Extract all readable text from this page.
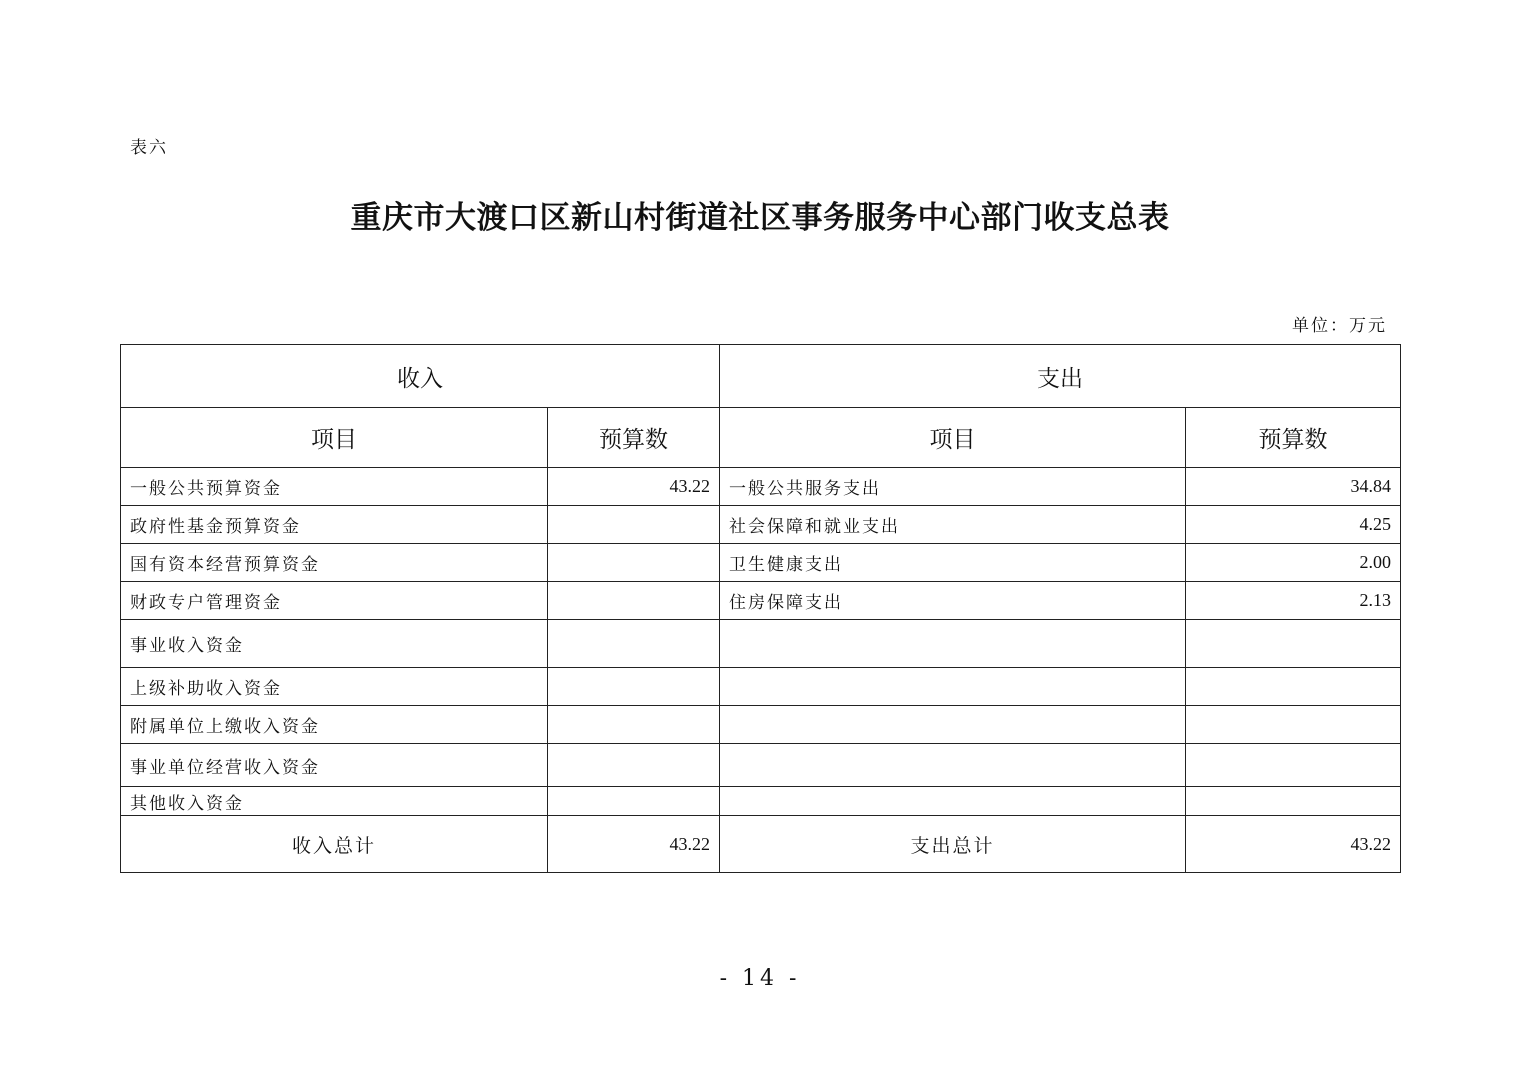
表六
重庆市大渡口区新山村街道社区事务服务中心部门收支总表
单位：万元
收入		支出	
项目	预算数	项目	预算数
一般公共预算资金	43.22	一般公共服务支出	34.84
政府性基金预算资金		社会保障和就业支出	4.25
国有资本经营预算资金		卫生健康支出	2.00
财政专户管理资金		住房保障支出	2.13
事业收入资金			
上级补助收入资金			
附属单位上缴收入资金			
事业单位经营收入资金			
其他收入资金			
收入总计	43.22	支出总计	43.22
- 14 -
